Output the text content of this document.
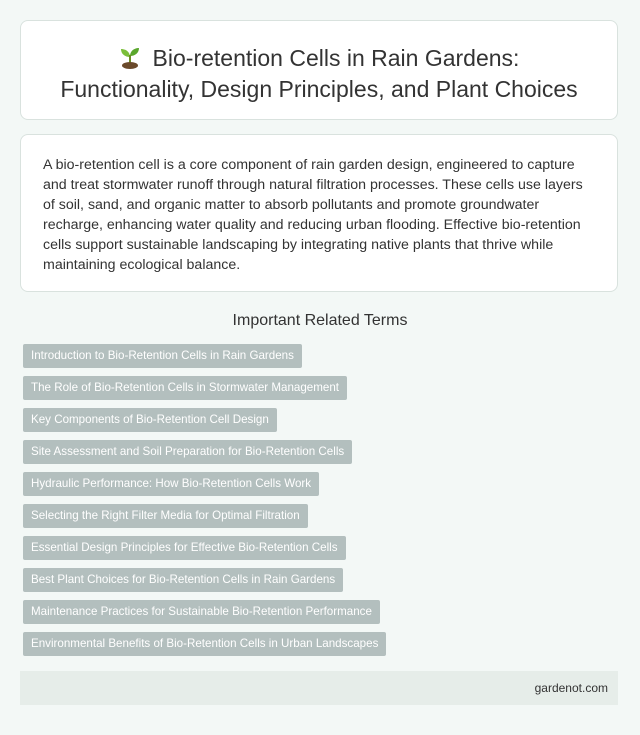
Bio-retention Cells in Rain Gardens:
Functionality, Design Principles, and Plant Choices
A bio-retention cell is a core component of rain garden design, engineered to capture and treat stormwater runoff through natural filtration processes. These cells use layers of soil, sand, and organic matter to absorb pollutants and promote groundwater recharge, enhancing water quality and reducing urban flooding. Effective bio-retention cells support sustainable landscaping by integrating native plants that thrive while maintaining ecological balance.
Important Related Terms
Introduction to Bio-Retention Cells in Rain Gardens
The Role of Bio-Retention Cells in Stormwater Management
Key Components of Bio-Retention Cell Design
Site Assessment and Soil Preparation for Bio-Retention Cells
Hydraulic Performance: How Bio-Retention Cells Work
Selecting the Right Filter Media for Optimal Filtration
Essential Design Principles for Effective Bio-Retention Cells
Best Plant Choices for Bio-Retention Cells in Rain Gardens
Maintenance Practices for Sustainable Bio-Retention Performance
Environmental Benefits of Bio-Retention Cells in Urban Landscapes
gardenot.com
